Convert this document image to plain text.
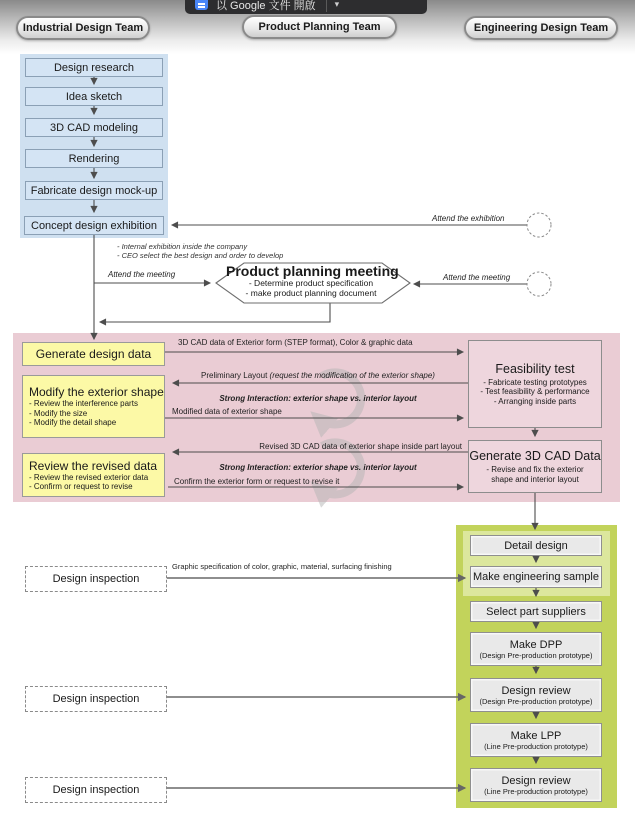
以 Google 文件 開啟 ▾
Industrial Design Team	Product Planning Team	Engineering Design Team
Design research
Idea sketch
3D CAD modeling
Rendering
Fabricate design mock-up
Concept design exhibition
- Internal exhibition inside the company
- CEO select the best design and order to develop
Attend the meeting
Attend the exhibition
Attend the meeting
Product planning meeting
- Determine product specification
- make product planning document
Generate design data
Modify the exterior shape
- Review the interference parts
- Modify the size
- Modify the detail shape
Review the revised data
- Review the revised exterior data
- Confirm or request to revise
Feasibility test
- Fabricate testing prototypes
- Test feasibility & performance
- Arranging inside parts
Generate 3D CAD Data
- Revise and fix the exterior shape and interior layout
3D CAD data of Exterior form (STEP format), Color & graphic data
Preliminary Layout (request the modification of the exterior shape)
Strong Interaction: exterior shape vs. interior layout
Modified data of exterior shape
Revised 3D CAD data of exterior shape inside part layout
Strong Interaction: exterior shape vs. interior layout
Confirm the exterior form or request to revise it
Detail design
Make engineering sample
Select part suppliers
Make DPP
(Design Pre-production prototype)
Design review
(Design Pre-production prototype)
Make LPP
(Line Pre-production prototype)
Design review
(Line Pre-production prototype)
Design inspection
Design inspection
Design inspection
Graphic specification of color, graphic, material, surfacing finishing
